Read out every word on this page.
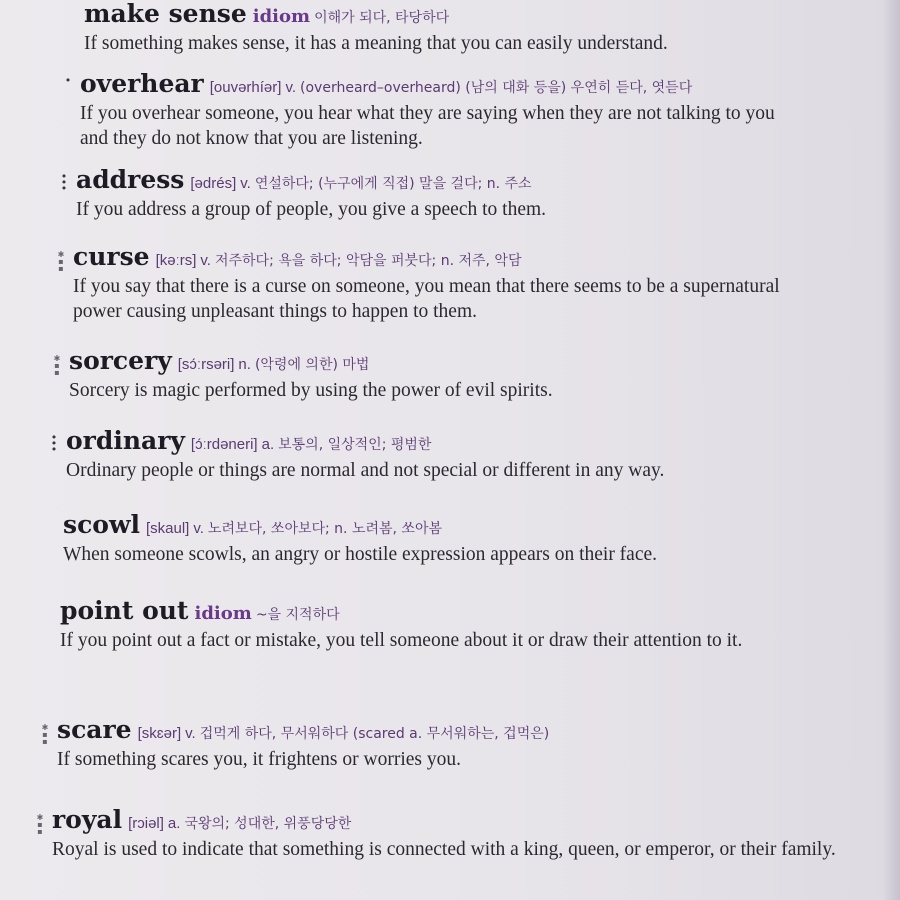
make sense idiom 이해가 되다, 타당하다
If something makes sense, it has a meaning that you can easily understand.
•
overhear [ouvərhíər] v. (overheard–overheard) (남의 대화 등을) 우연히 듣다, 엿듣다
If you overhear someone, you hear what they are saying when they are not talking to you and they do not know that you are listening.
• • •
address [ədrés] v. 연설하다; (누구에게 직접) 말을 걸다; n. 주소
If you address a group of people, you give a speech to them.
✱ ▪ ▪
curse [kəːrs] v. 저주하다; 욕을 하다; 악담을 퍼붓다; n. 저주, 악담
If you say that there is a curse on someone, you mean that there seems to be a supernatural power causing unpleasant things to happen to them.
✱ ▪ ▪
sorcery [sɔ́ːrsəri] n. (악령에 의한) 마법
Sorcery is magic performed by using the power of evil spirits.
• • •
ordinary [ɔ́ːrdəneri] a. 보통의, 일상적인; 평범한
Ordinary people or things are normal and not special or different in any way.
scowl [skaul] v. 노려보다, 쏘아보다; n. 노려봄, 쏘아봄
When someone scowls, an angry or hostile expression appears on their face.
point out idiom ~을 지적하다
If you point out a fact or mistake, you tell someone about it or draw their attention to it.
✱ ▪ ▪
scare [skɛər] v. 겁먹게 하다, 무서워하다 (scared a. 무서워하는, 겁먹은)
If something scares you, it frightens or worries you.
✱ ▪ ▪
royal [rɔiəl] a. 국왕의; 성대한, 위풍당당한
Royal is used to indicate that something is connected with a king, queen, or emperor, or their family.
